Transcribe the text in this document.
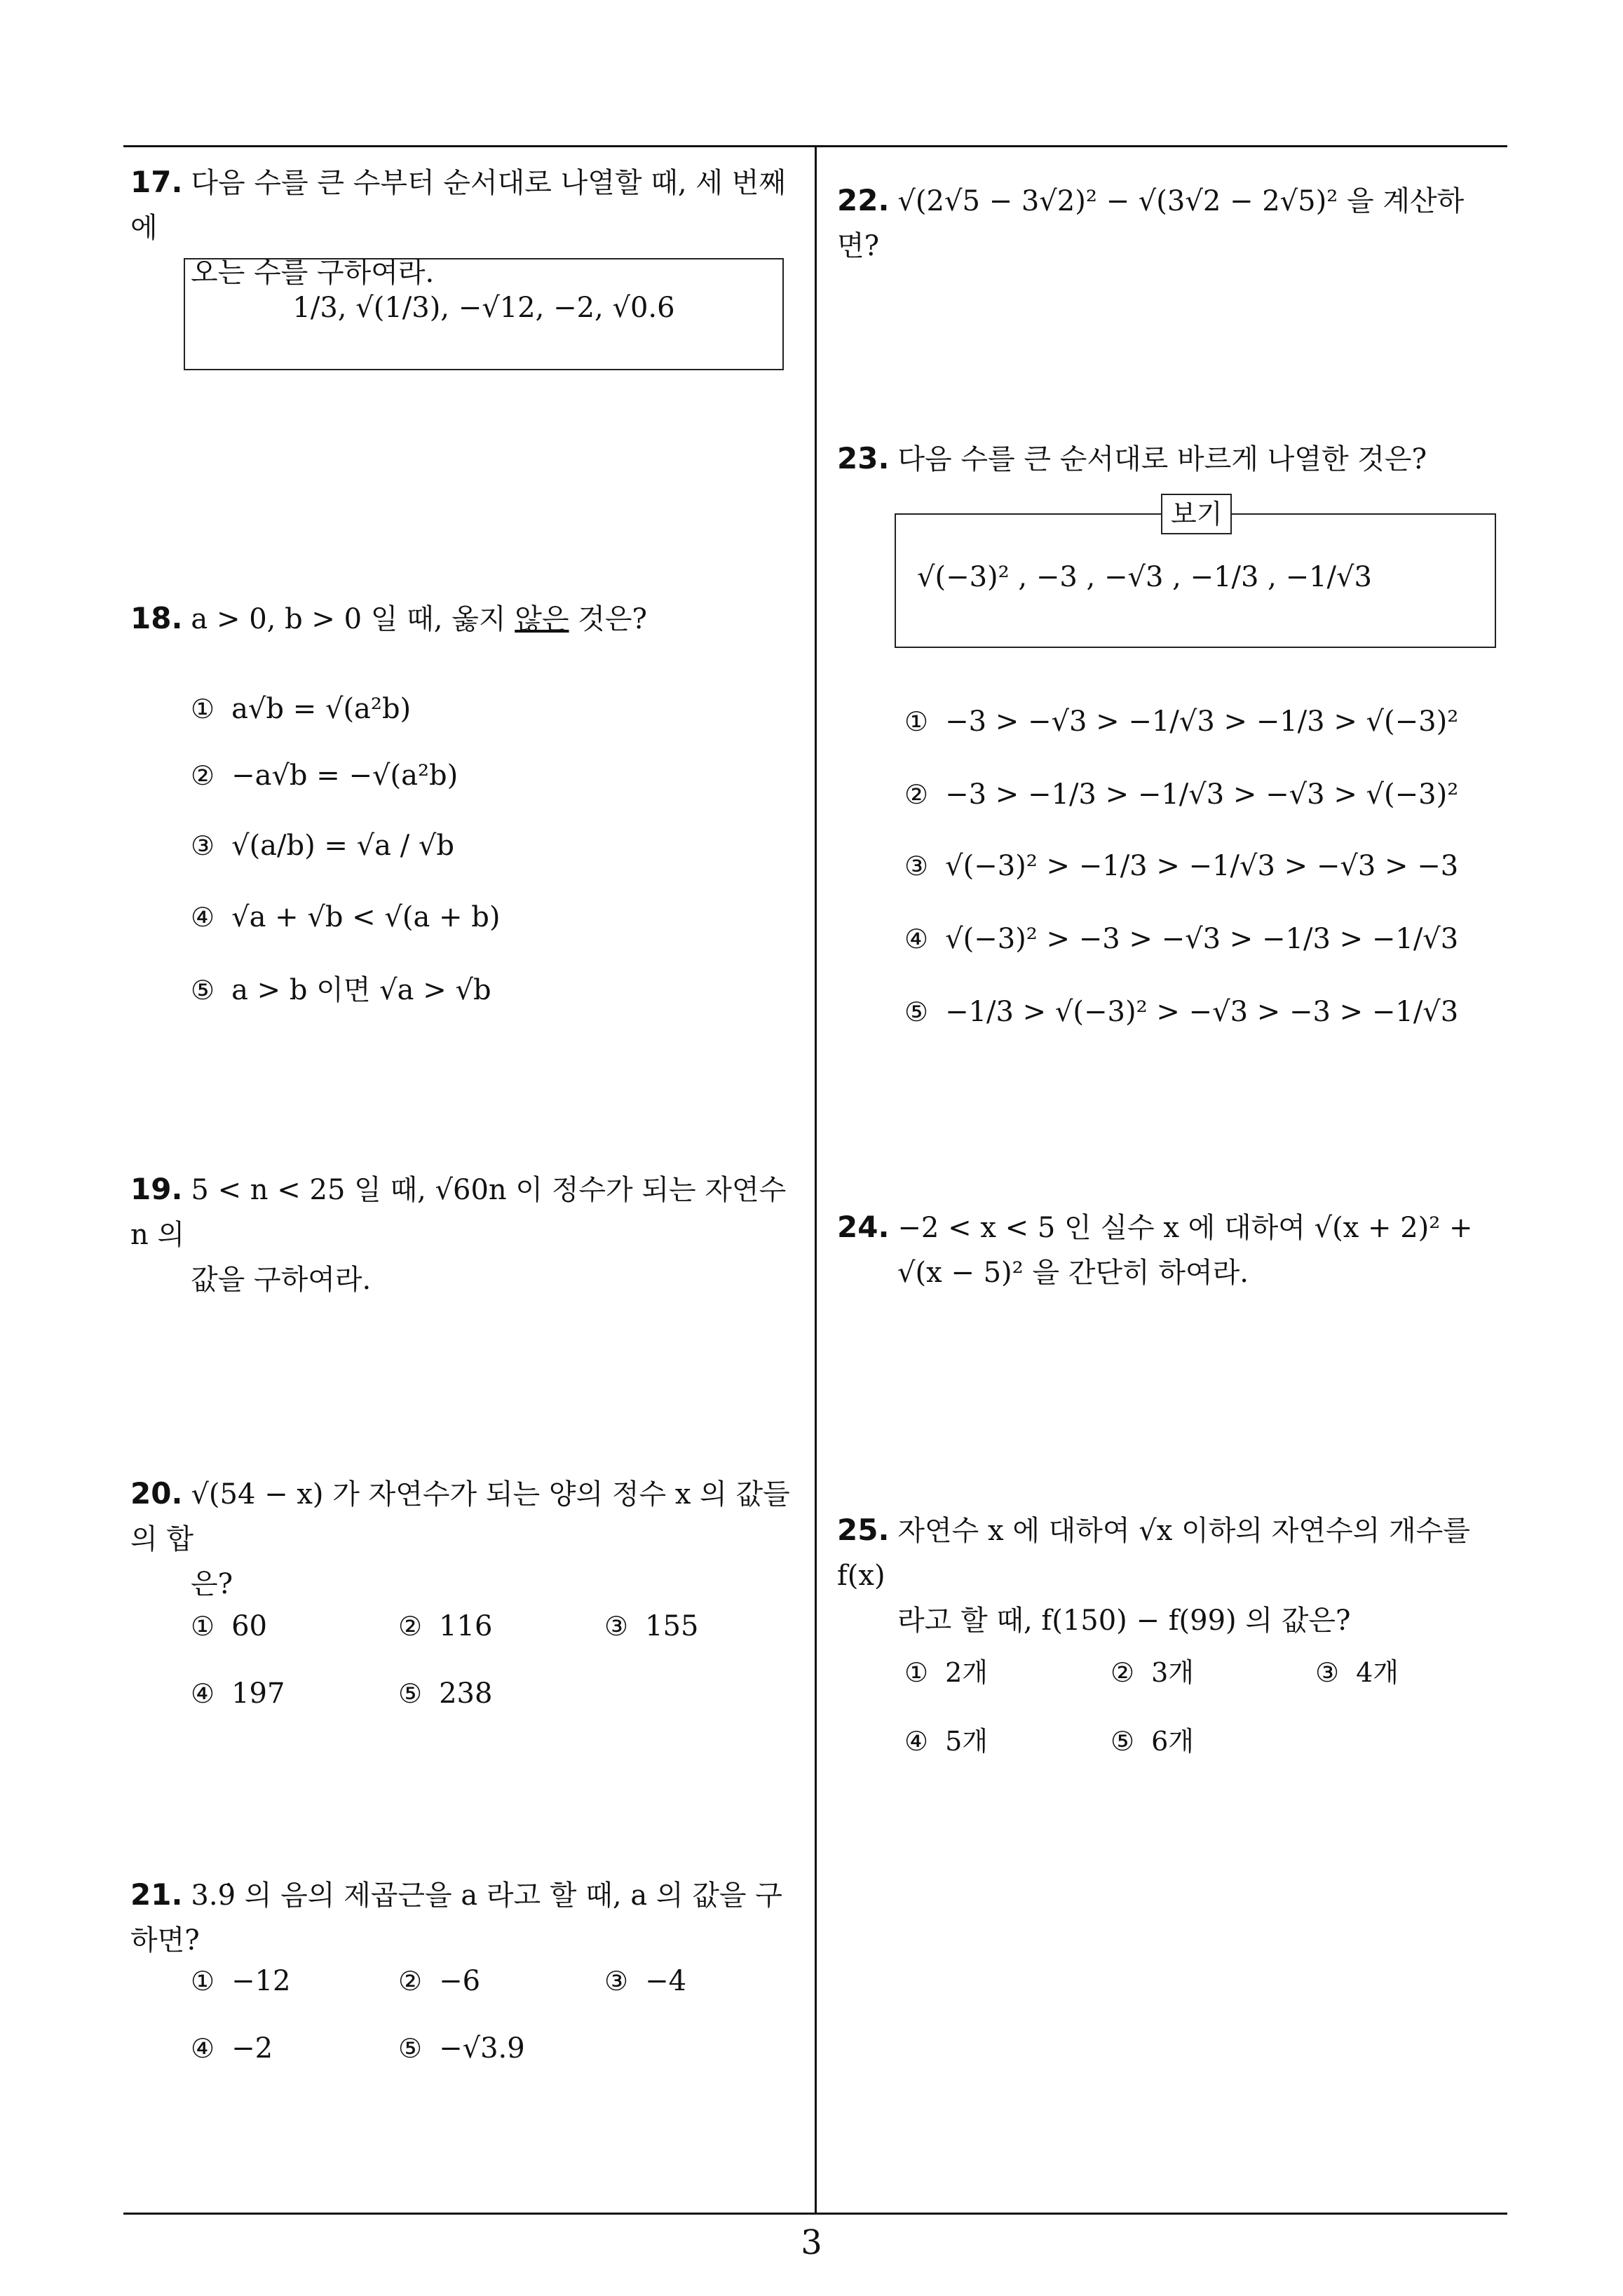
17. 다음 수를 큰 수부터 순서대로 나열할 때, 세 번째에
오는 수를 구하여라.
1/3, √(1/3), −√12, −2, √0.6
18. a > 0, b > 0 일 때, 옳지 않은 것은?
① a√b = √(a²b)
② −a√b = −√(a²b)
③ √(a/b) = √a / √b
④ √a + √b < √(a + b)
⑤ a > b 이면 √a > √b
19. 5 < n < 25 일 때, √60n 이 정수가 되는 자연수 n 의
값을 구하여라.
20. √(54 − x) 가 자연수가 되는 양의 정수 x 의 값들의 합
은?
① 60	② 116	③ 155
④ 197	⑤ 238
21. 3.9̇ 의 음의 제곱근을 a 라고 할 때, a 의 값을 구하면?
① −12	② −6	③ −4
④ −2	⑤ −√3.9
22. √(2√5 − 3√2)² − √(3√2 − 2√5)² 을 계산하면?
23. 다음 수를 큰 순서대로 바르게 나열한 것은?
√(−3)² , −3 , −√3 , −1/3 , −1/√3
보기
① −3 > −√3 > −1/√3 > −1/3 > √(−3)²
② −3 > −1/3 > −1/√3 > −√3 > √(−3)²
③ √(−3)² > −1/3 > −1/√3 > −√3 > −3
④ √(−3)² > −3 > −√3 > −1/3 > −1/√3
⑤ −1/3 > √(−3)² > −√3 > −3 > −1/√3
24. −2 < x < 5 인 실수 x 에 대하여 √(x + 2)² +
√(x − 5)² 을 간단히 하여라.
25. 자연수 x 에 대하여 √x 이하의 자연수의 개수를 f(x)
라고 할 때, f(150) − f(99) 의 값은?
① 2개	② 3개	③ 4개
④ 5개	⑤ 6개
3
